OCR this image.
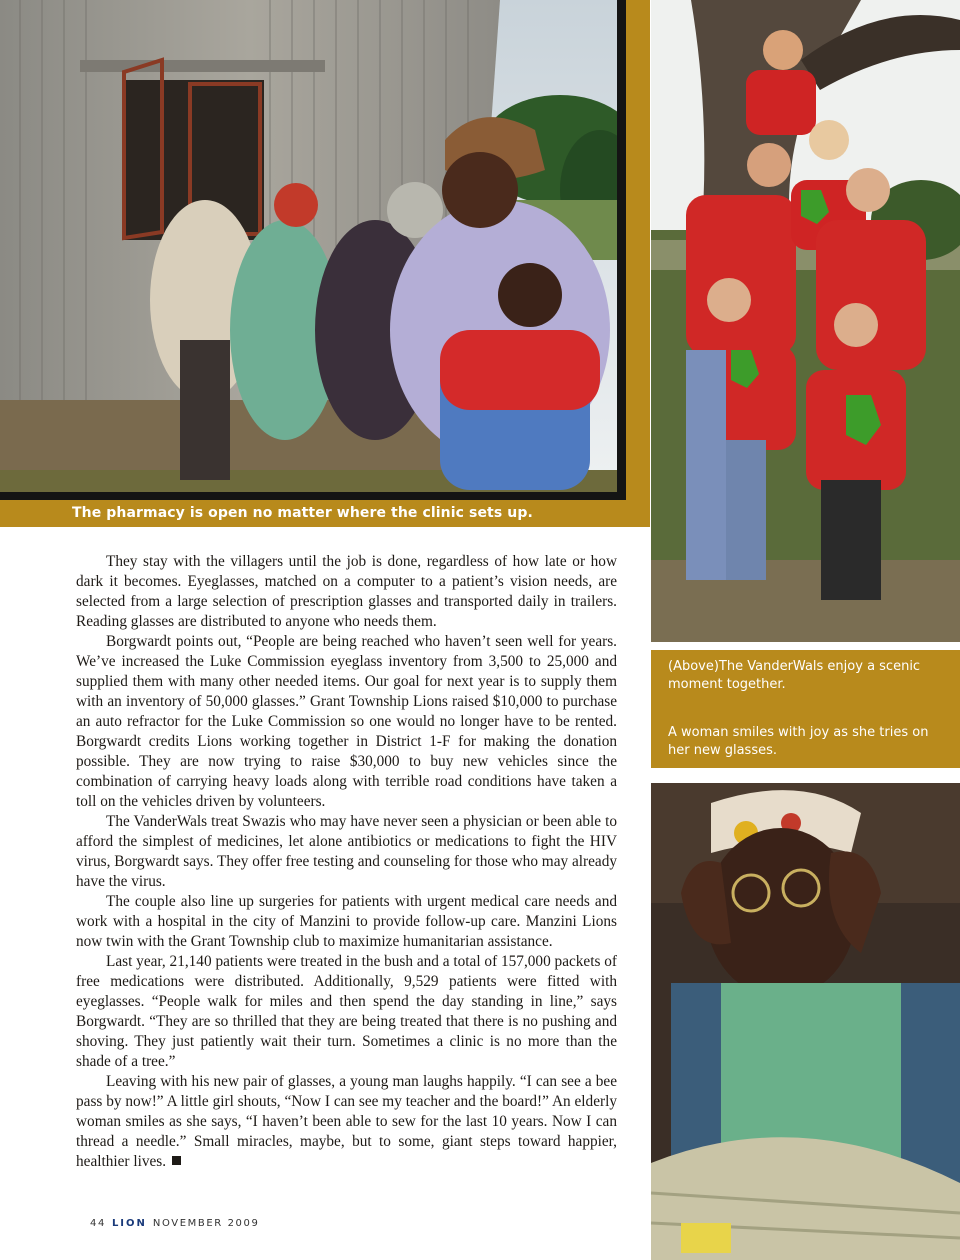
The pharmacy is open no matter where the clinic sets up.

(Above)The VanderWals enjoy a scenic moment together.

A woman smiles with joy as she tries on her new glasses.

They stay with the villagers until the job is done, regardless of how late or how dark it becomes. Eyeglasses, matched on a computer to a patient’s vision needs, are selected from a large selection of prescription glasses and transported daily in trailers. Reading glasses are distributed to anyone who needs them.

Borgwardt points out, “People are being reached who haven’t seen well for years. We’ve increased the Luke Commission eyeglass inventory from 3,500 to 25,000 and supplied them with many other needed items. Our goal for next year is to supply them with an inventory of 50,000 glasses.” Grant Township Lions raised $10,000 to purchase an auto refractor for the Luke Commission so one would no longer have to be rented. Borgwardt credits Lions working together in District 1-F for making the donation possible. They are now trying to raise $30,000 to buy new vehicles since the combination of carrying heavy loads along with terrible road conditions have taken a toll on the vehicles driven by volunteers.

The VanderWals treat Swazis who may have never seen a physician or been able to afford the simplest of medicines, let alone antibiotics or medications to fight the HIV virus, Borgwardt says. They offer free testing and counseling for those who may already have the virus.

The couple also line up surgeries for patients with urgent medical care needs and work with a hospital in the city of Manzini to provide follow-up care. Manzini Lions now twin with the Grant Township club to maximize humanitarian assistance.

Last year, 21,140 patients were treated in the bush and a total of 157,000 packets of free medications were distributed. Additionally, 9,529 patients were fitted with eyeglasses. “People walk for miles and then spend the day standing in line,” says Borgwardt. “They are so thrilled that they are being treated that there is no pushing and shoving. They just patiently wait their turn. Sometimes a clinic is no more than the shade of a tree.”

Leaving with his new pair of glasses, a young man laughs happily. “I can see a bee pass by now!” A little girl shouts, “Now I can see my teacher and the board!” An elderly woman smiles as she says, “I haven’t been able to sew for the last 10 years. Now I can thread a needle.” Small miracles, maybe, but to some, giant steps toward happier, healthier lives.

44 LION NOVEMBER 2009
